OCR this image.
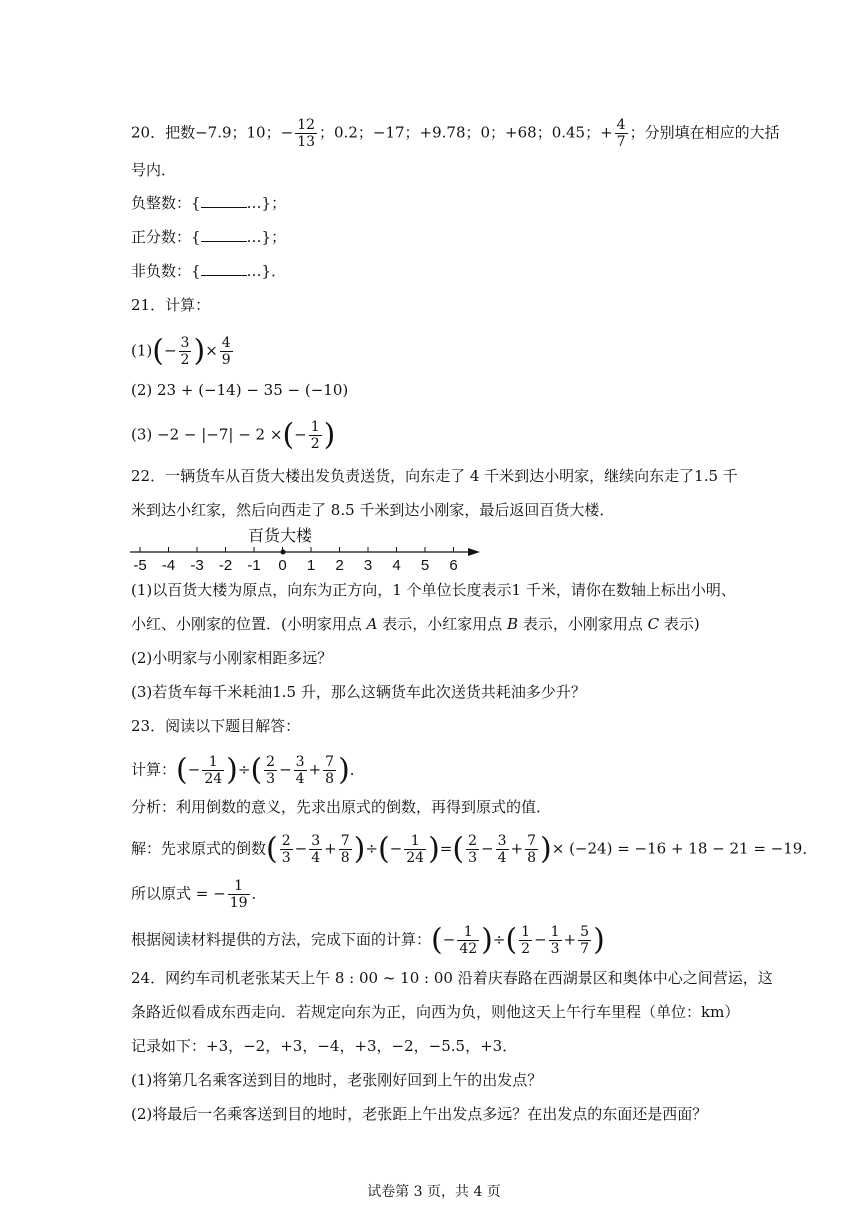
20．把数−7.9；10；− $\frac{12}{13}$ ；0.2；−17；+9.78；0；+68；0.45；+ $\frac{4}{7}$ ；分别填在相应的大括
号内．
负整数：{	…}；
正分数：{	…}；
非负数：{	…}．
21．计算：
$(1)(- \frac{3}{2}$ )× $\frac{4}{9}$
(2) 23 + (−14) − 35 − (−10)
(3) −2 − |−7| − 2 ×(− $\frac{1}{2}$ )
22．一辆货车从百货大楼出发负责送货，向东走了 4 千米到达小明家，继续向东走了1.5 千
米到达小红家，然后向西走了 8.5 千米到达小刚家，最后返回百货大楼．
百货大楼
-5 -4 -3 -2 -1 0 1 2 3 4 5 6
(1)以百货大楼为原点，向东为正方向，1 个单位长度表示1 千米，请你在数轴上标出小明、
小红、小刚家的位置．(小明家用点 A 表示，小红家用点 B 表示，小刚家用点 C 表示)
(2)小明家与小刚家相距多远？
(3)若货车每千米耗油1.5 升，那么这辆货车此次送货共耗油多少升？
23．阅读以下题目解答：
计算：(− $\frac{1}{24}$ )÷( $\frac{2}{3} - \frac{3}{4} + \frac{7}{8}$ )．
分析：利用倒数的意义，先求出原式的倒数，再得到原式的值．
解：先求原式的倒数( $\frac{2}{3} - \frac{3}{4} + \frac{7}{8}$ )÷(− $\frac{1}{24}$ )=( $\frac{2}{3} - \frac{3}{4} + \frac{7}{8}$ )× (−24) = −16 + 18 − 21 = −19．
所以原式 = − $\frac{1}{19}$ ．
根据阅读材料提供的方法，完成下面的计算：(− $\frac{1}{42}$ )÷( $\frac{1}{2} - \frac{1}{3} + \frac{5}{7}$ )
24．网约车司机老张某天上午 8 : 00 ~ 10 : 00 沿着庆春路在西湖景区和奥体中心之间营运，这
条路近似看成东西走向．若规定向东为正，向西为负，则他这天上午行车里程（单位：km）
记录如下：+3，−2，+3，−4，+3，−2，−5.5，+3．
(1)将第几名乘客送到目的地时，老张刚好回到上午的出发点？
(2)将最后一名乘客送到目的地时，老张距上午出发点多远？在出发点的东面还是西面？
试卷第 3 页，共 4 页
